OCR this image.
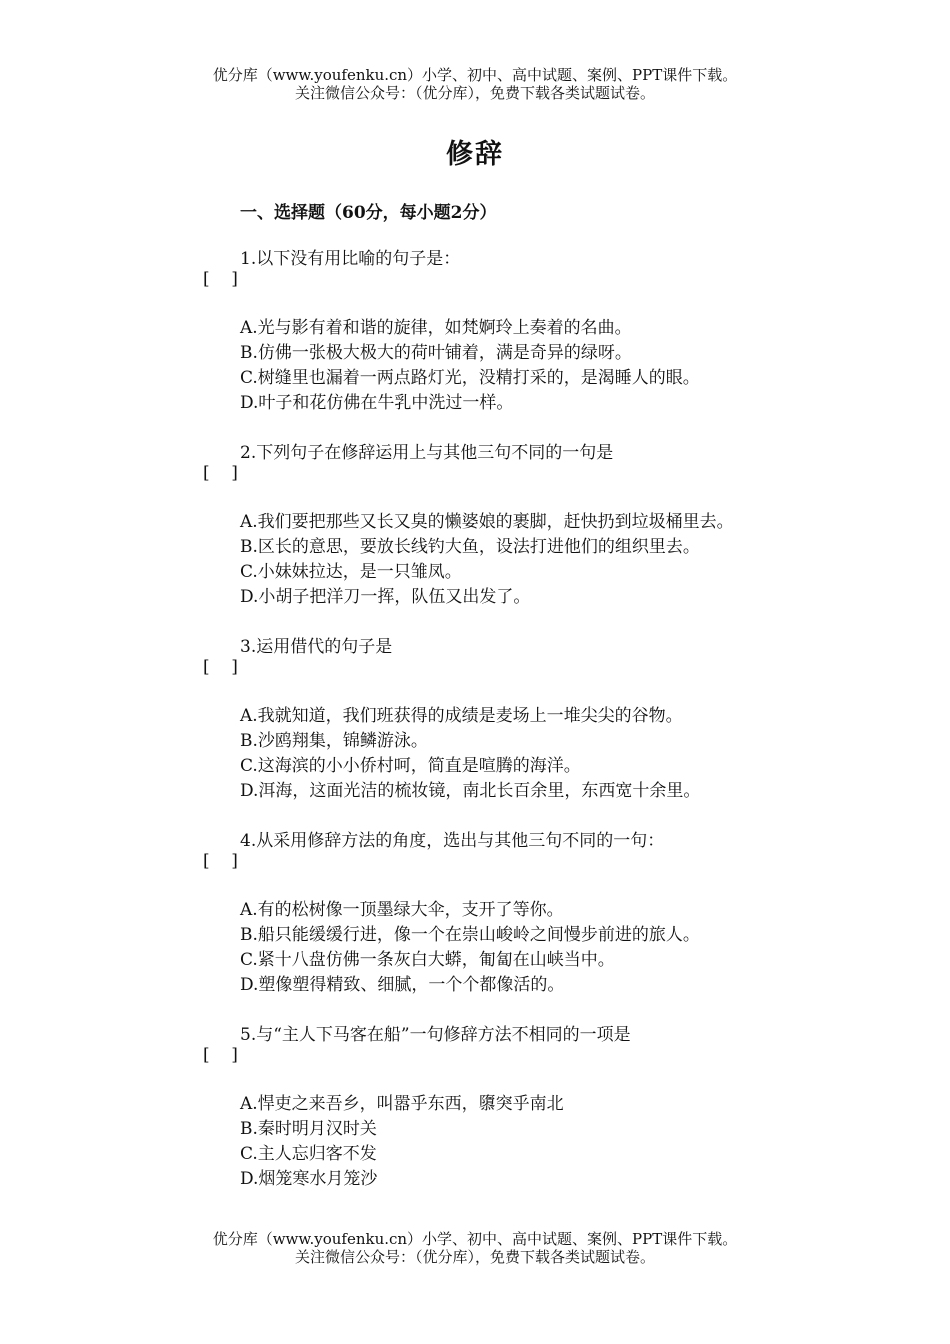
优分库（www.youfenku.cn）小学、初中、高中试题、案例、PPT课件下载。
关注微信公众号：（优分库），免费下载各类试题试卷。
修辞
一、选择题（60分，每小题2分）
1.以下没有用比喻的句子是：
[    ]
A.光与影有着和谐的旋律，如梵婀玲上奏着的名曲。
B.仿佛一张极大极大的荷叶铺着，满是奇异的绿呀。
C.树缝里也漏着一两点路灯光，没精打采的，是渴睡人的眼。
D.叶子和花仿佛在牛乳中洗过一样。
2.下列句子在修辞运用上与其他三句不同的一句是
[    ]
A.我们要把那些又长又臭的懒婆娘的裹脚，赶快扔到垃圾桶里去。
B.区长的意思，要放长线钓大鱼，设法打进他们的组织里去。
C.小妹妹拉达，是一只雏凤。
D.小胡子把洋刀一挥，队伍又出发了。
3.运用借代的句子是
[    ]
A.我就知道，我们班获得的成绩是麦场上一堆尖尖的谷物。
B.沙鸥翔集，锦鳞游泳。
C.这海滨的小小侨村呵，简直是喧腾的海洋。
D.洱海，这面光洁的梳妆镜，南北长百余里，东西宽十余里。
4.从采用修辞方法的角度，选出与其他三句不同的一句：
[    ]
A.有的松树像一顶墨绿大伞，支开了等你。
B.船只能缓缓行进，像一个在崇山峻岭之间慢步前进的旅人。
C.紧十八盘仿佛一条灰白大蟒，匍匐在山峡当中。
D.塑像塑得精致、细腻，一个个都像活的。
5.与“主人下马客在船”一句修辞方法不相同的一项是
[    ]
A.悍吏之来吾乡，叫嚣乎东西，隳突乎南北
B.秦时明月汉时关
C.主人忘归客不发
D.烟笼寒水月笼沙
优分库（www.youfenku.cn）小学、初中、高中试题、案例、PPT课件下载。
关注微信公众号：（优分库），免费下载各类试题试卷。
